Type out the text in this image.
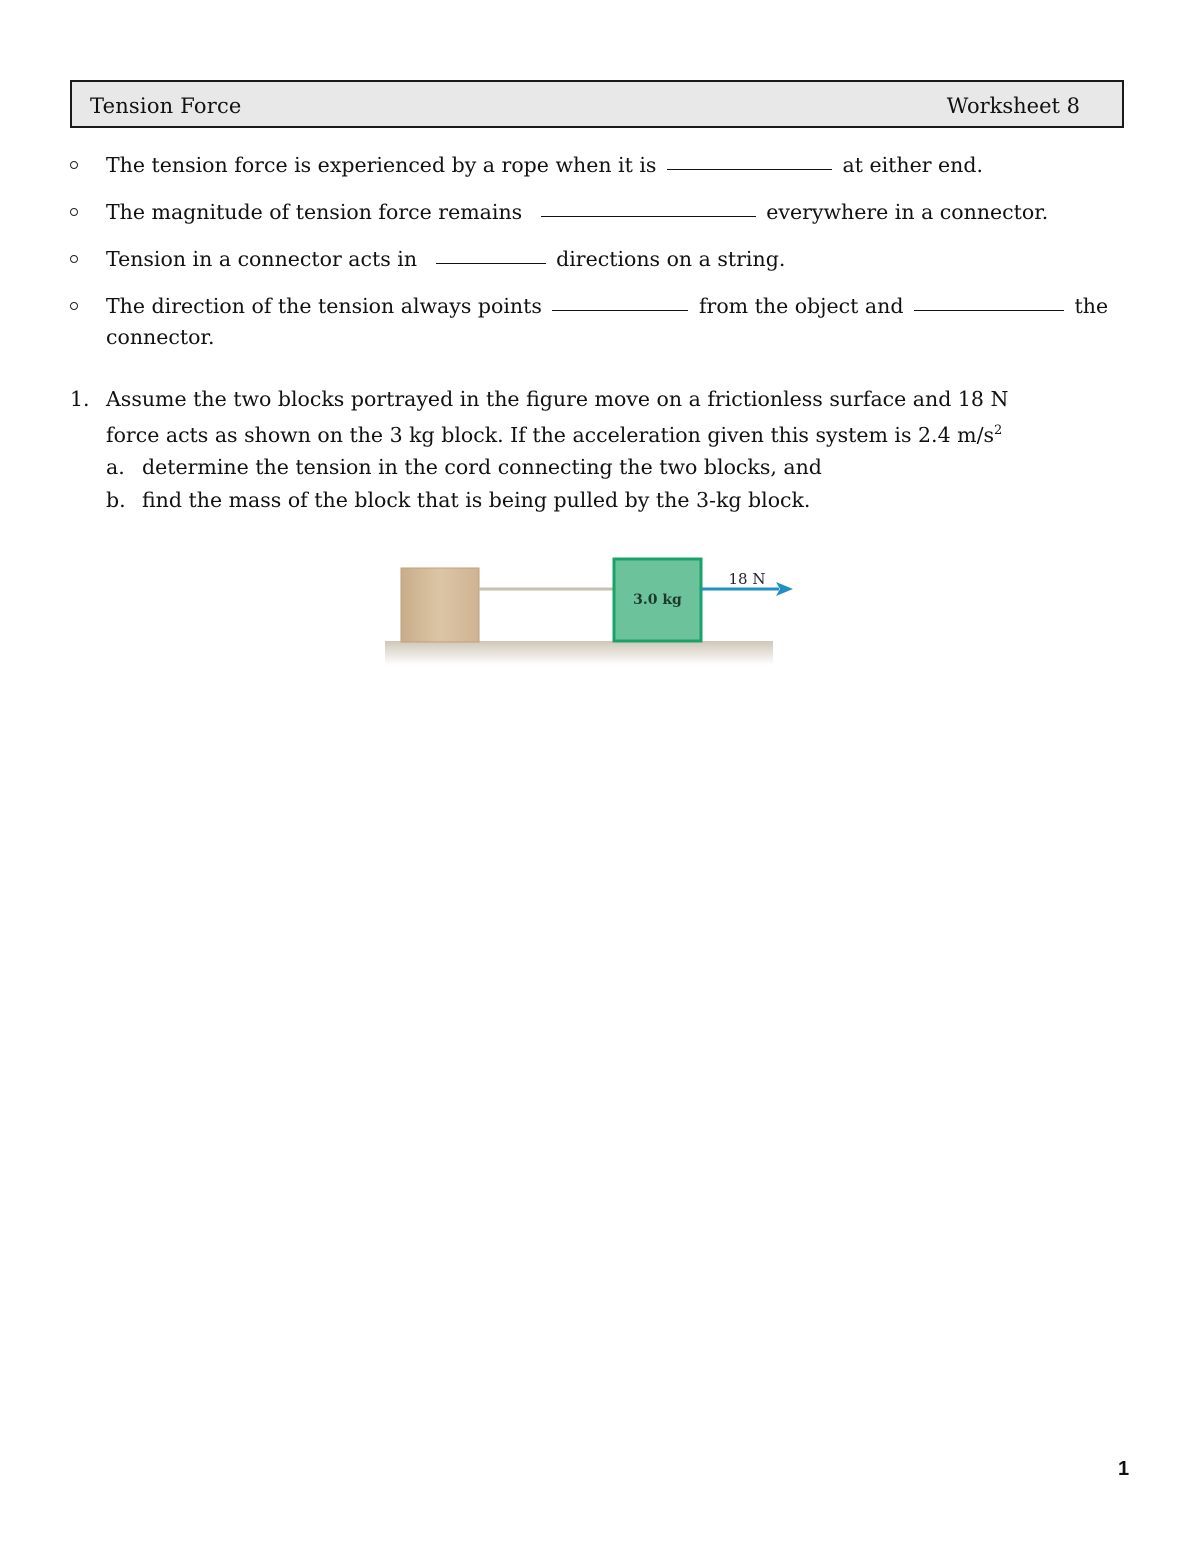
Tension Force	Worksheet 8
The tension force is experienced by a rope when it is	at either end.
The magnitude of tension force remains	everywhere in a connector.
Tension in a connector acts in	directions on a string.
The direction of the tension always points	from the object and	the connector.
1. Assume the two blocks portrayed in the figure move on a frictionless surface and 18 N
force acts as shown on the 3 kg block. If the acceleration given this system is 2.4 $m/s^2$
a. determine the tension in the cord connecting the two blocks, and
b. find the mass of the block that is being pulled by the 3-kg block.
3.0 kg
18 N
1
